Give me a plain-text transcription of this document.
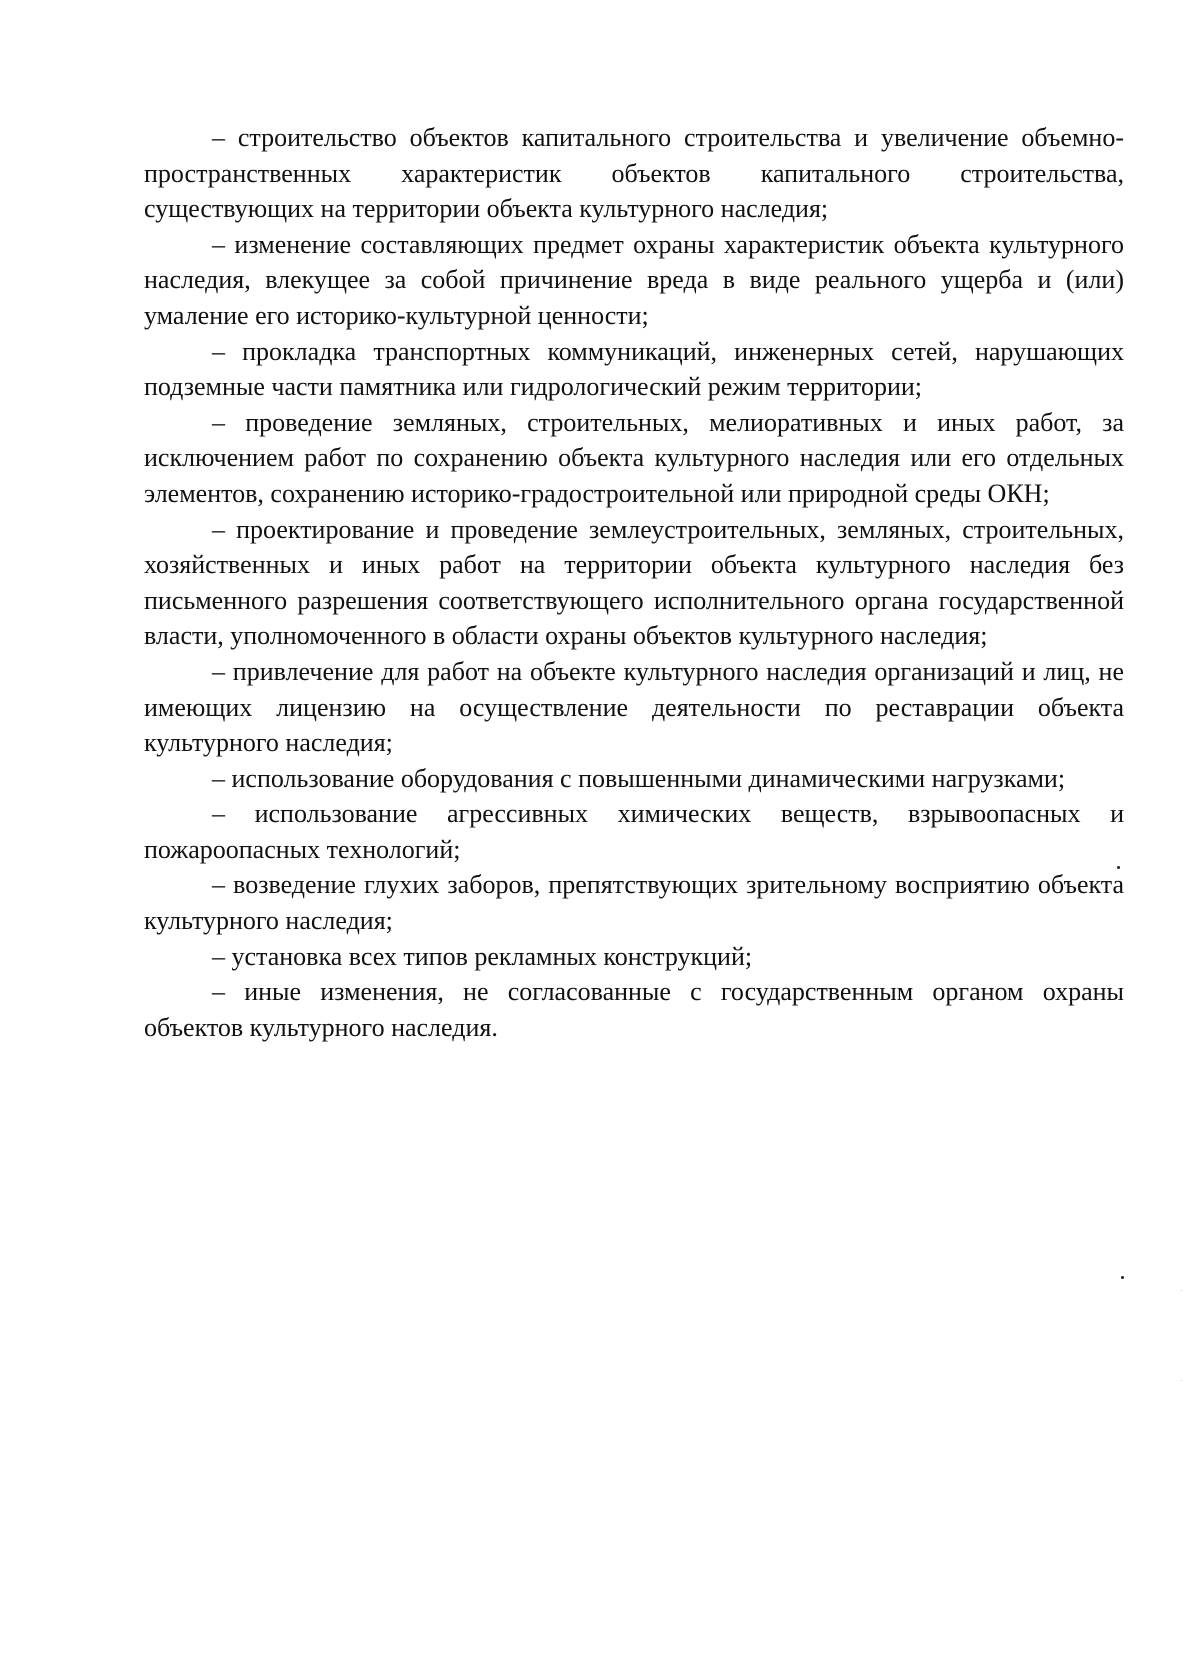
– строительство объектов капитального строительства и увеличение объемно-пространственных характеристик объектов капитального строительства, существующих на территории объекта культурного наследия;

– изменение составляющих предмет охраны характеристик объекта культурного наследия, влекущее за собой причинение вреда в виде реального ущерба и (или) умаление его историко-культурной ценности;

– прокладка транспортных коммуникаций, инженерных сетей, нарушающих подземные части памятника или гидрологический режим территории;

– проведение земляных, строительных, мелиоративных и иных работ, за исключением работ по сохранению объекта культурного наследия или его отдельных элементов, сохранению историко-градостроительной или природной среды ОКН;

– проектирование и проведение землеустроительных, земляных, строительных, хозяйственных и иных работ на территории объекта культурного наследия без письменного разрешения соответствующего исполнительного органа государственной власти, уполномоченного в области охраны объектов культурного наследия;

– привлечение для работ на объекте культурного наследия организаций и лиц, не имеющих лицензию на осуществление деятельности по реставрации объекта культурного наследия;

– использование оборудования с повышенными динамическими нагрузками;

– использование агрессивных химических веществ, взрывоопасных и пожароопасных технологий;

– возведение глухих заборов, препятствующих зрительному восприятию объекта культурного наследия;

– установка всех типов рекламных конструкций;

– иные изменения, не согласованные с государственным органом охраны объектов культурного наследия.
